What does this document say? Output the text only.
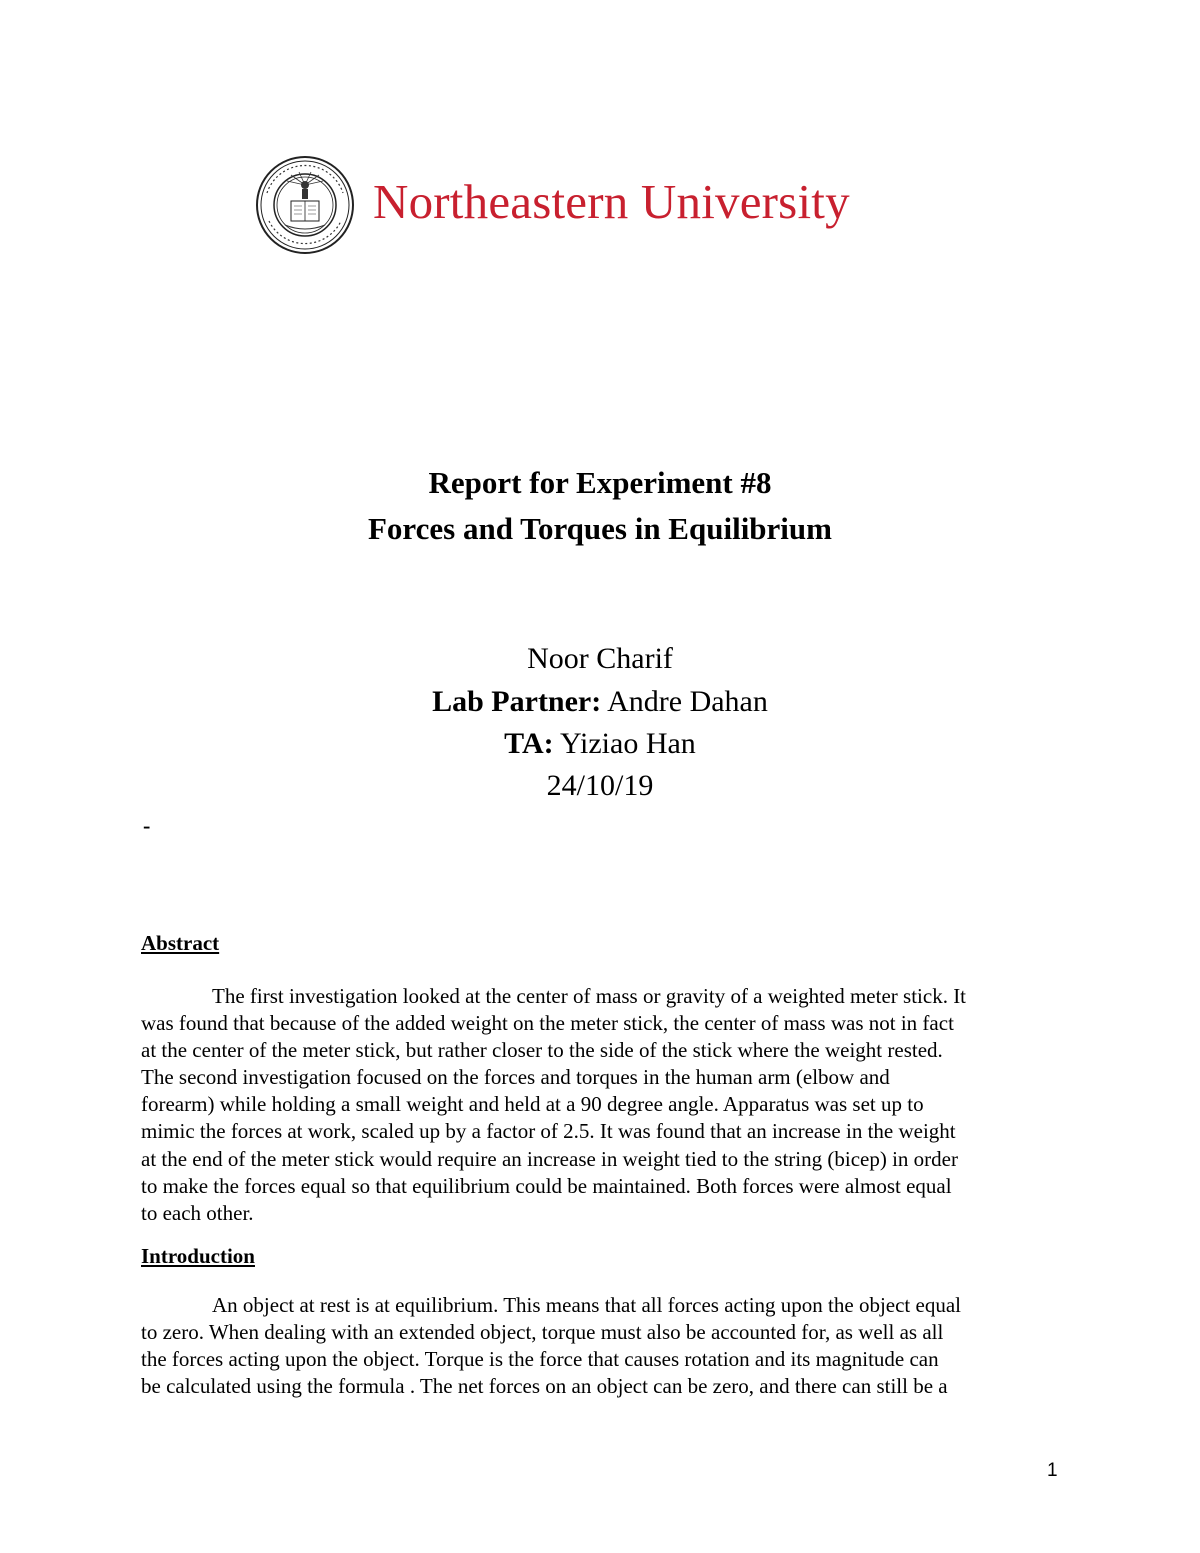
Northeastern University
Report for Experiment #8
Forces and Torques in Equilibrium
Noor Charif
Lab Partner: Andre Dahan
TA: Yiziao Han
24/10/19
-
Abstract
The first investigation looked at the center of mass or gravity of a weighted meter stick. It
was found that because of the added weight on the meter stick, the center of mass was not in fact
at the center of the meter stick, but rather closer to the side of the stick where the weight rested.
The second investigation focused on the forces and torques in the human arm (elbow and
forearm) while holding a small weight and held at a 90 degree angle. Apparatus was set up to
mimic the forces at work, scaled up by a factor of 2.5. It was found that an increase in the weight
at the end of the meter stick would require an increase in weight tied to the string (bicep) in order
to make the forces equal so that equilibrium could be maintained. Both forces were almost equal
to each other.
Introduction
An object at rest is at equilibrium. This means that all forces acting upon the object equal
to zero. When dealing with an extended object, torque must also be accounted for, as well as all
the forces acting upon the object. Torque is the force that causes rotation and its magnitude can
be calculated using the formula . The net forces on an object can be zero, and there can still be a
1
